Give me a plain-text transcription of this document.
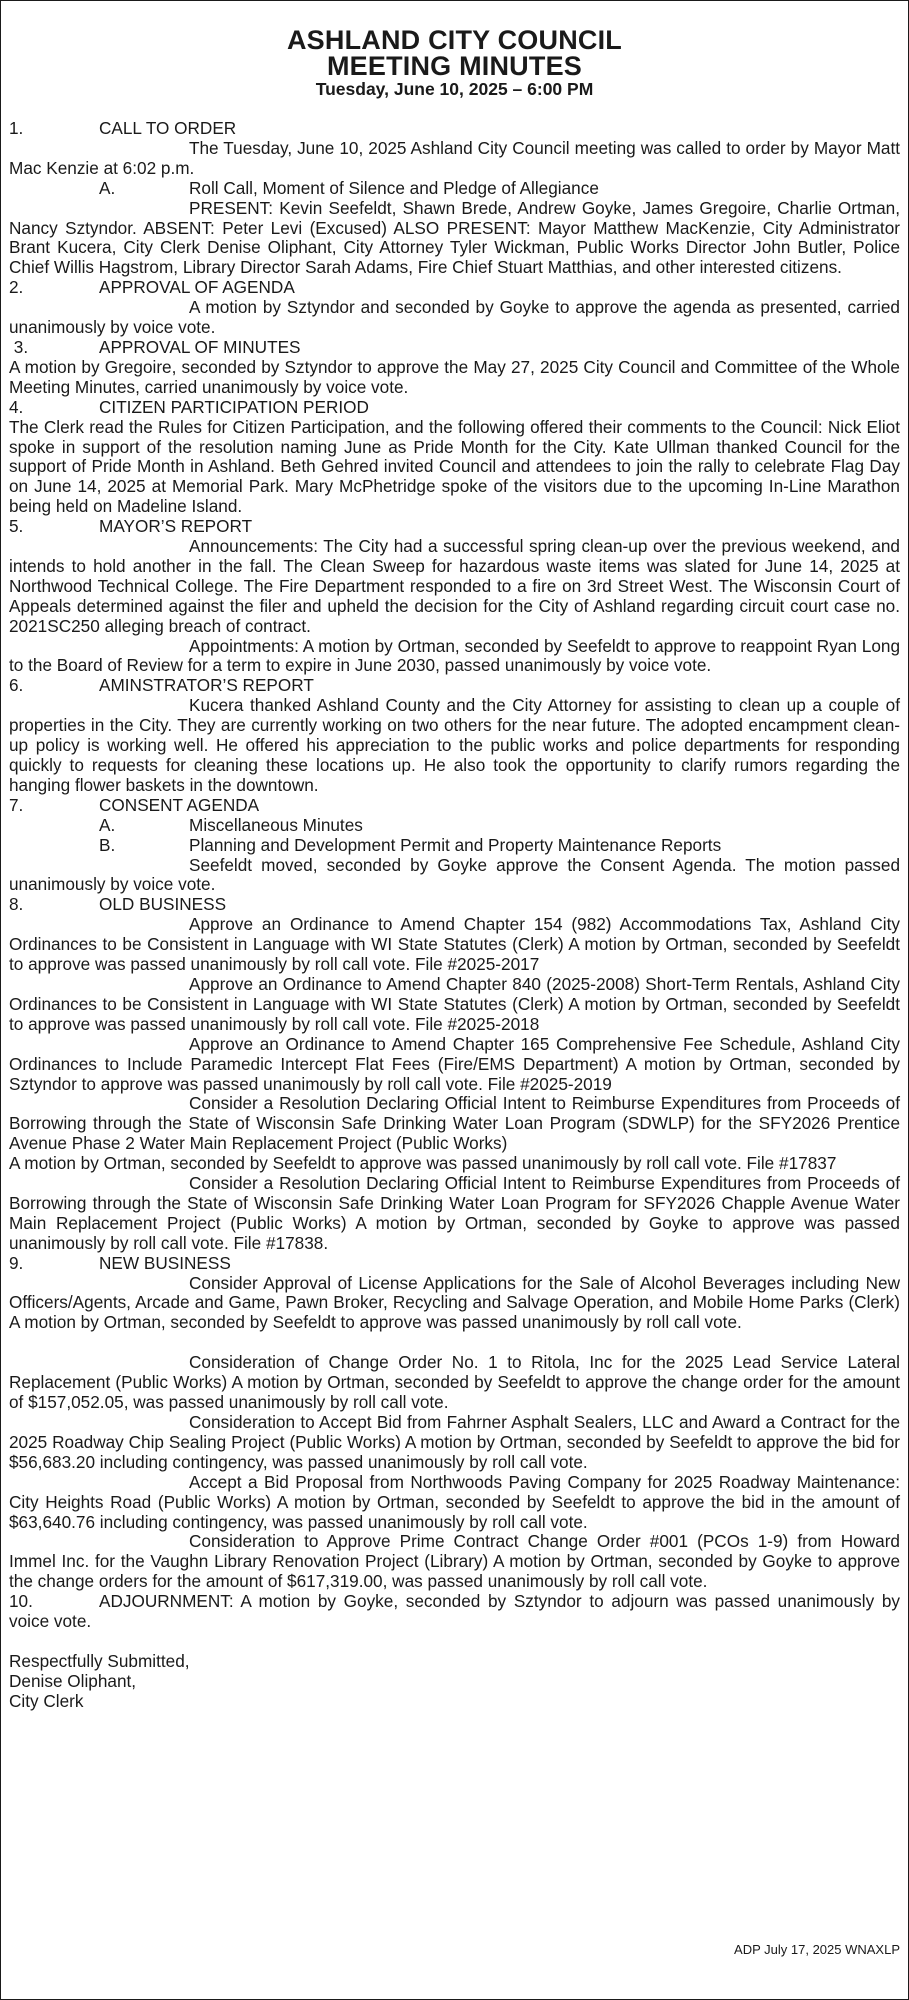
ASHLAND CITY COUNCIL
MEETING MINUTES
Tuesday, June 10, 2025 – 6:00 PM
1.	CALL TO ORDER

The Tuesday, June 10, 2025 Ashland City Council meeting was called to order by Mayor Matt Mac Kenzie at 6:02 p.m.

A.	Roll Call, Moment of Silence and Pledge of Allegiance

PRESENT: Kevin Seefeldt, Shawn Brede, Andrew Goyke, James Gregoire, Charlie Ortman, Nancy Sztyndor. ABSENT: Peter Levi (Excused) ALSO PRESENT: Mayor Matthew MacKenzie, City Administrator Brant Kucera, City Clerk Denise Oliphant, City Attorney Tyler Wickman, Public Works Director John Butler, Police Chief Willis Hagstrom, Library Director Sarah Adams, Fire Chief Stuart Matthias, and other interested citizens.

2.	APPROVAL OF AGENDA

A motion by Sztyndor and seconded by Goyke to approve the agenda as presented, carried unanimously by voice vote.

3.	APPROVAL OF MINUTES

A motion by Gregoire, seconded by Sztyndor to approve the May 27, 2025 City Council and Committee of the Whole Meeting Minutes, carried unanimously by voice vote.

4.	CITIZEN PARTICIPATION PERIOD

The Clerk read the Rules for Citizen Participation, and the following offered their comments to the Council: Nick Eliot spoke in support of the resolution naming June as Pride Month for the City. Kate Ullman thanked Council for the support of Pride Month in Ashland. Beth Gehred invited Council and attendees to join the rally to celebrate Flag Day on June 14, 2025 at Memorial Park. Mary McPhetridge spoke of the visitors due to the upcoming In-Line Marathon being held on Madeline Island.

5.	MAYOR’S REPORT

Announcements: The City had a successful spring clean-up over the previous weekend, and intends to hold another in the fall. The Clean Sweep for hazardous waste items was slated for June 14, 2025 at Northwood Technical College. The Fire Department responded to a fire on 3rd Street West. The Wisconsin Court of Appeals determined against the filer and upheld the decision for the City of Ashland regarding circuit court case no. 2021SC250 alleging breach of contract.

Appointments: A motion by Ortman, seconded by Seefeldt to approve to reappoint Ryan Long to the Board of Review for a term to expire in June 2030, passed unanimously by voice vote.

6.	AMINSTRATOR’S REPORT

Kucera thanked Ashland County and the City Attorney for assisting to clean up a couple of properties in the City. They are currently working on two others for the near future. The adopted encampment clean-up policy is working well. He offered his appreciation to the public works and police departments for responding quickly to requests for cleaning these locations up. He also took the opportunity to clarify rumors regarding the hanging flower baskets in the downtown.

7.	CONSENT AGENDA
A.	Miscellaneous Minutes
B.	Planning and Development Permit and Property Maintenance Reports

Seefeldt moved, seconded by Goyke approve the Consent Agenda. The motion passed unanimously by voice vote.

8.	OLD BUSINESS

Approve an Ordinance to Amend Chapter 154 (982) Accommodations Tax, Ashland City Ordinances to be Consistent in Language with WI State Statutes (Clerk) A motion by Ortman, seconded by Seefeldt to approve was passed unanimously by roll call vote. File #2025-2017

Approve an Ordinance to Amend Chapter 840 (2025-2008) Short-Term Rentals, Ashland City Ordinances to be Consistent in Language with WI State Statutes (Clerk) A motion by Ortman, seconded by Seefeldt to approve was passed unanimously by roll call vote. File #2025-2018

Approve an Ordinance to Amend Chapter 165 Comprehensive Fee Schedule, Ashland City Ordinances to Include Paramedic Intercept Flat Fees (Fire/EMS Department) A motion by Ortman, seconded by Sztyndor to approve was passed unanimously by roll call vote. File #2025-2019

Consider a Resolution Declaring Official Intent to Reimburse Expenditures from Proceeds of Borrowing through the State of Wisconsin Safe Drinking Water Loan Program (SDWLP) for the SFY2026 Prentice Avenue Phase 2 Water Main Replacement Project (Public Works)

A motion by Ortman, seconded by Seefeldt to approve was passed unanimously by roll call vote. File #17837

Consider a Resolution Declaring Official Intent to Reimburse Expenditures from Proceeds of Borrowing through the State of Wisconsin Safe Drinking Water Loan Program for SFY2026 Chapple Avenue Water Main Replacement Project (Public Works) A motion by Ortman, seconded by Goyke to approve was passed unanimously by roll call vote. File #17838.

9.	NEW BUSINESS

Consider Approval of License Applications for the Sale of Alcohol Beverages including New Officers/Agents, Arcade and Game, Pawn Broker, Recycling and Salvage Operation, and Mobile Home Parks (Clerk) A motion by Ortman, seconded by Seefeldt to approve was passed unanimously by roll call vote.

Consideration of Change Order No. 1 to Ritola, Inc for the 2025 Lead Service Lateral Replacement (Public Works) A motion by Ortman, seconded by Seefeldt to approve the change order for the amount of $157,052.05, was passed unanimously by roll call vote.

Consideration to Accept Bid from Fahrner Asphalt Sealers, LLC and Award a Contract for the 2025 Roadway Chip Sealing Project (Public Works) A motion by Ortman, seconded by Seefeldt to approve the bid for $56,683.20 including contingency, was passed unanimously by roll call vote.

Accept a Bid Proposal from Northwoods Paving Company for 2025 Roadway Maintenance: City Heights Road (Public Works) A motion by Ortman, seconded by Seefeldt to approve the bid in the amount of $63,640.76 including contingency, was passed unanimously by roll call vote.

Consideration to Approve Prime Contract Change Order #001 (PCOs 1-9) from Howard Immel Inc. for the Vaughn Library Renovation Project (Library) A motion by Ortman, seconded by Goyke to approve the change orders for the amount of $617,319.00, was passed unanimously by roll call vote.

10.	ADJOURNMENT: A motion by Goyke, seconded by Sztyndor to adjourn was passed unanimously by voice vote.

Respectfully Submitted,
Denise Oliphant,
City Clerk
ADP July 17, 2025 WNAXLP
